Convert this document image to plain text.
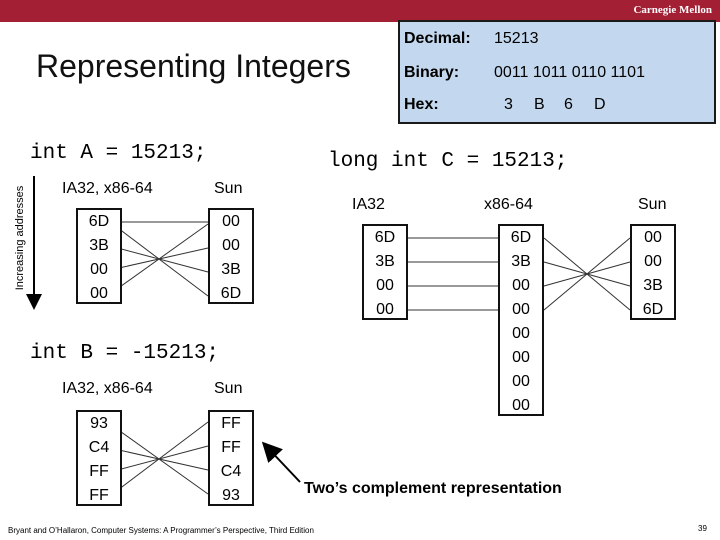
Carnegie Mellon
Representing Integers
Decimal: 15213
Binary: 0011 1011 0110 1101
Hex:	3 B 6 D
Increasing addresses
int A = 15213;
IA32, x86-64	Sun
6D
3B
00
00
00
00
3B
6D
int B = -15213;
IA32, x86-64	Sun
93
C4
FF
FF
FF
FF
C4
93
long int C = 15213;
IA32	x86-64	Sun
6D
3B
00
00
6D
3B
00
00
00
00
00
00
00
00
3B
6D
Two’s complement representation
Bryant and O’Hallaron, Computer Systems: A Programmer’s Perspective, Third Edition	39
